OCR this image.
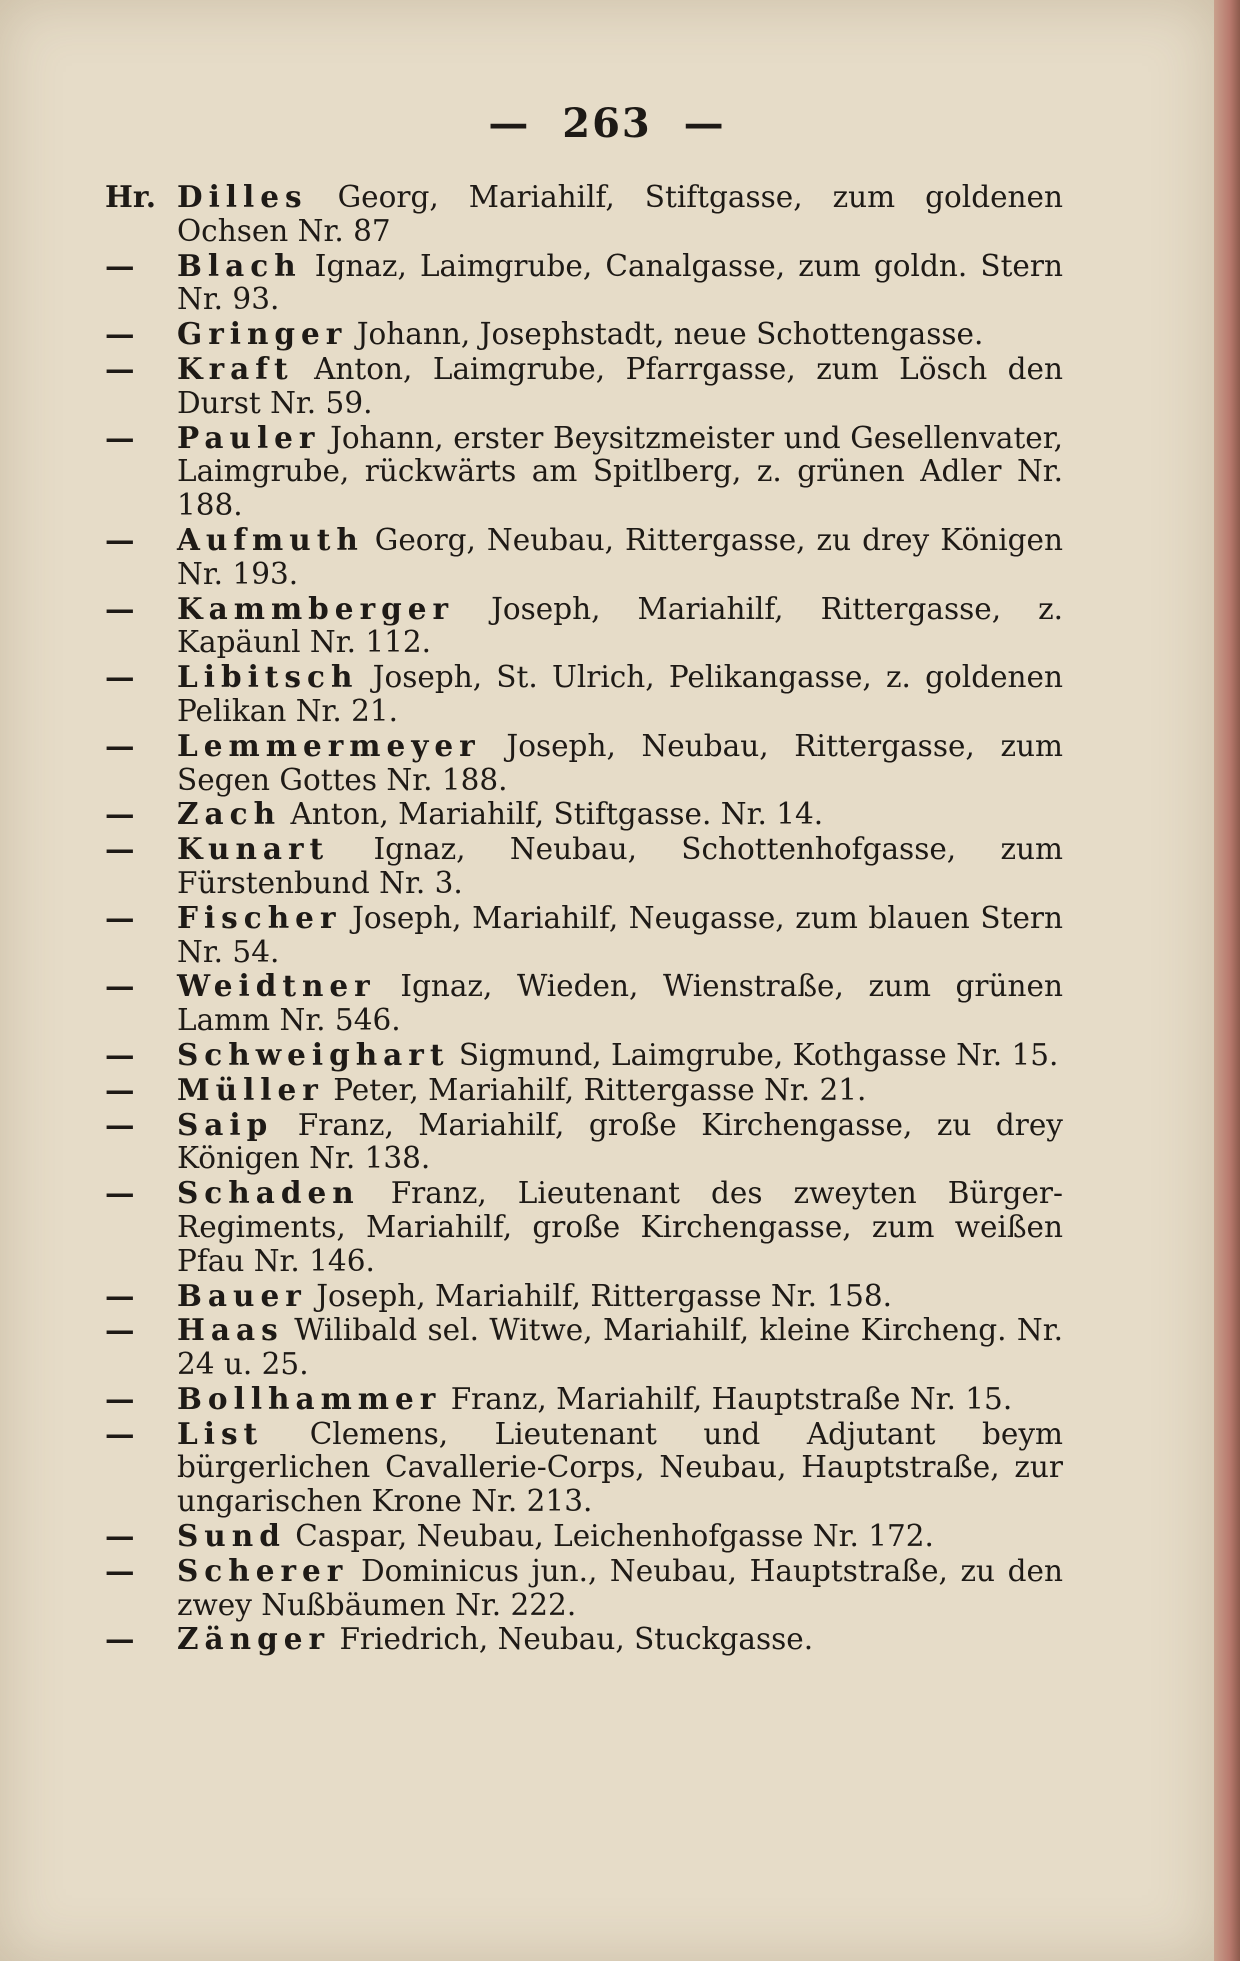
— 263 —
Hr. Dilles Georg, Mariahilf, Stiftgasse, zum goldenen Ochsen Nr. 87
—	Blach Ignaz, Laimgrube, Canalgasse, zum goldn. Stern Nr. 93.
—	Gringer Johann, Josephstadt, neue Schottengasse.
—	Kraft Anton, Laimgrube, Pfarrgasse, zum Lösch den Durst Nr. 59.
—	Pauler Johann, erster Beysitzmeister und Gesellenvater, Laimgrube, rückwärts am Spitlberg, z. grünen Adler Nr. 188.
—	Aufmuth Georg, Neubau, Rittergasse, zu drey Königen Nr. 193.
—	Kammberger Joseph, Mariahilf, Rittergasse, z. Kapäunl Nr. 112.
—	Libitsch Joseph, St. Ulrich, Pelikangasse, z. goldenen Pelikan Nr. 21.
—	Lemmermeyer Joseph, Neubau, Rittergasse, zum Segen Gottes Nr. 188.
—	Zach Anton, Mariahilf, Stiftgasse. Nr. 14.
—	Kunart Ignaz, Neubau, Schottenhofgasse, zum Fürstenbund Nr. 3.
—	Fischer Joseph, Mariahilf, Neugasse, zum blauen Stern Nr. 54.
—	Weidtner Ignaz, Wieden, Wienstraße, zum grünen Lamm Nr. 546.
—	Schweighart Sigmund, Laimgrube, Kothgasse Nr. 15.
—	Müller Peter, Mariahilf, Rittergasse Nr. 21.
—	Saip Franz, Mariahilf, große Kirchengasse, zu drey Königen Nr. 138.
—	Schaden Franz, Lieutenant des zweyten Bürger-Regiments, Mariahilf, große Kirchengasse, zum weißen Pfau Nr. 146.
—	Bauer Joseph, Mariahilf, Rittergasse Nr. 158.
—	Haas Wilibald sel. Witwe, Mariahilf, kleine Kircheng. Nr. 24 u. 25.
—	Bollhammer Franz, Mariahilf, Hauptstraße Nr. 15.
—	List Clemens, Lieutenant und Adjutant beym bürgerlichen Cavallerie-Corps, Neubau, Hauptstraße, zur ungarischen Krone Nr. 213.
—	Sund Caspar, Neubau, Leichenhofgasse Nr. 172.
—	Scherer Dominicus jun., Neubau, Hauptstraße, zu den zwey Nußbäumen Nr. 222.
—	Zänger Friedrich, Neubau, Stuckgasse.
